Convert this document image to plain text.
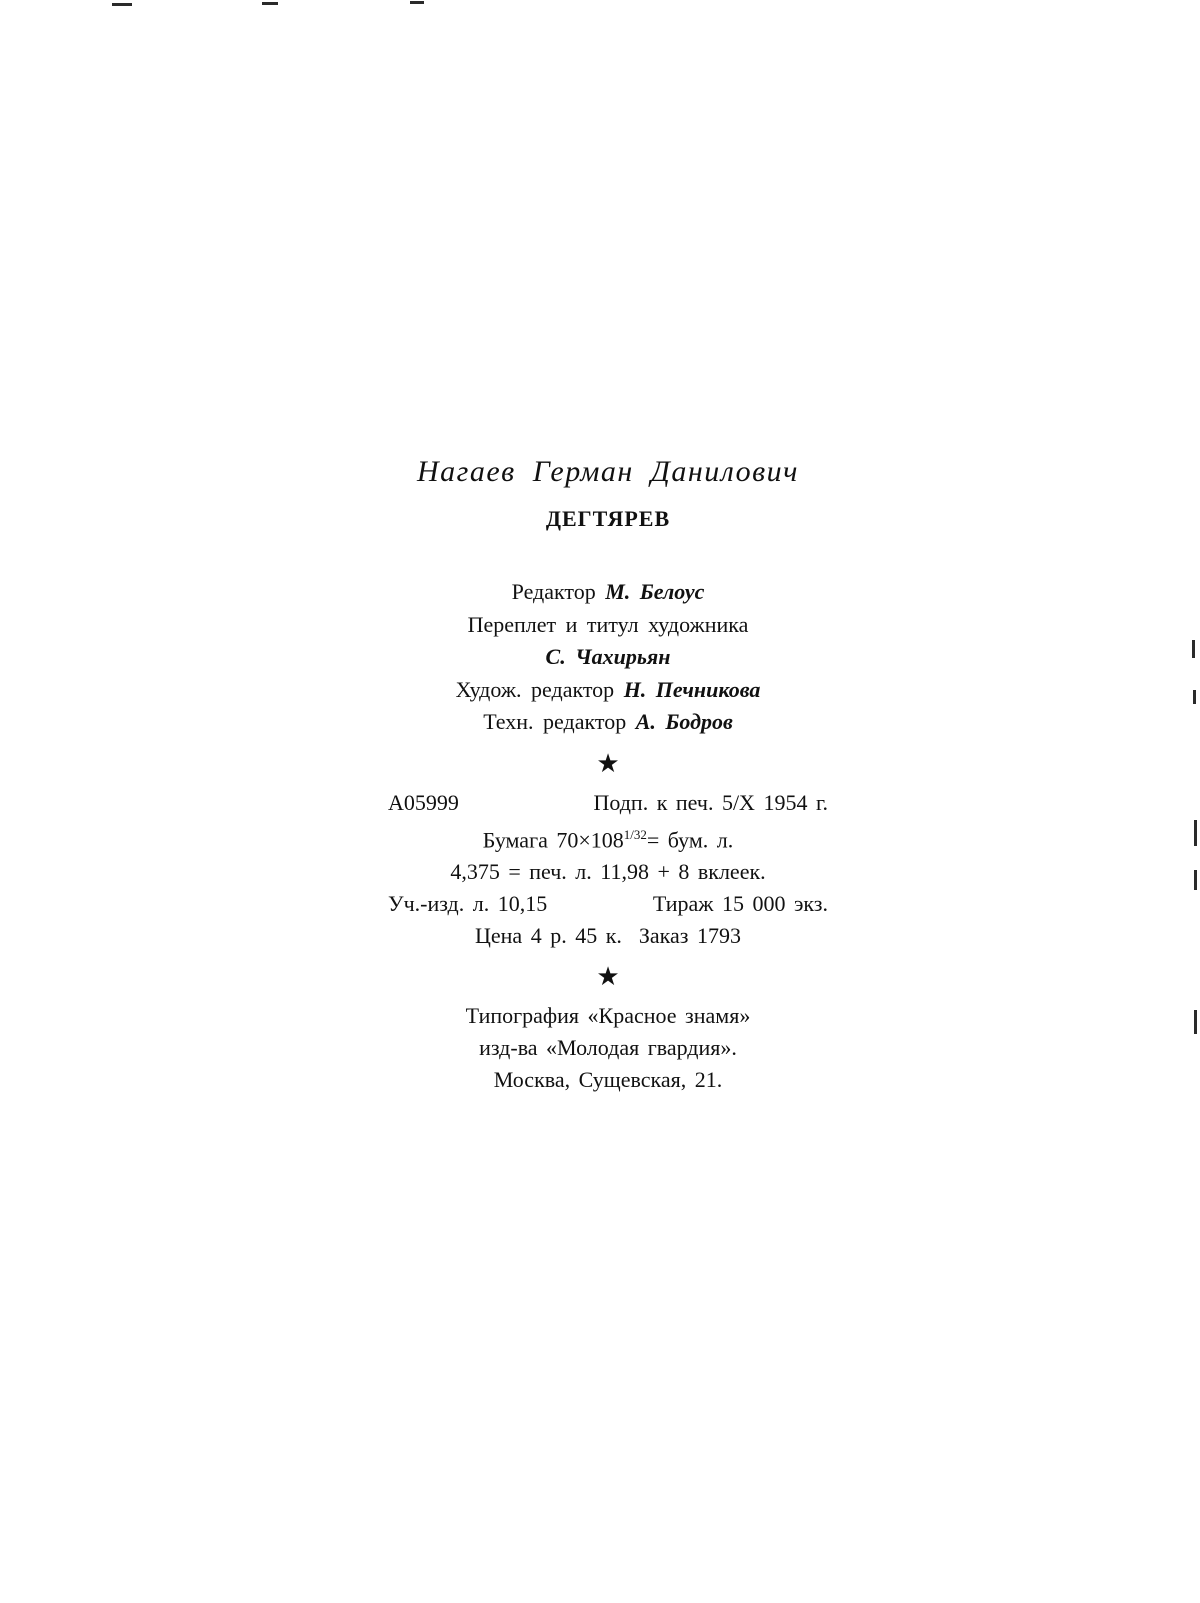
Нагаев Герман Данилович
ДЕГТЯРЕВ
Редактор М. Белоус
Переплет и титул художника
С. Чахирьян
Худож. редактор Н. Печникова
Техн. редактор А. Бодров
★
А05999	Подп. к печ. 5/X 1954 г.
Бумага $70\times 108^{1/32}=$ бум. л.
4,375 = печ. л. 11,98 + 8 вклеек.
Уч.-изд. л. 10,15	Тираж 15 000 экз.
Цена 4 р. 45 к.  Заказ 1793
★
Типография «Красное знамя»
изд-ва «Молодая гвардия».
Москва, Сущевская, 21.
